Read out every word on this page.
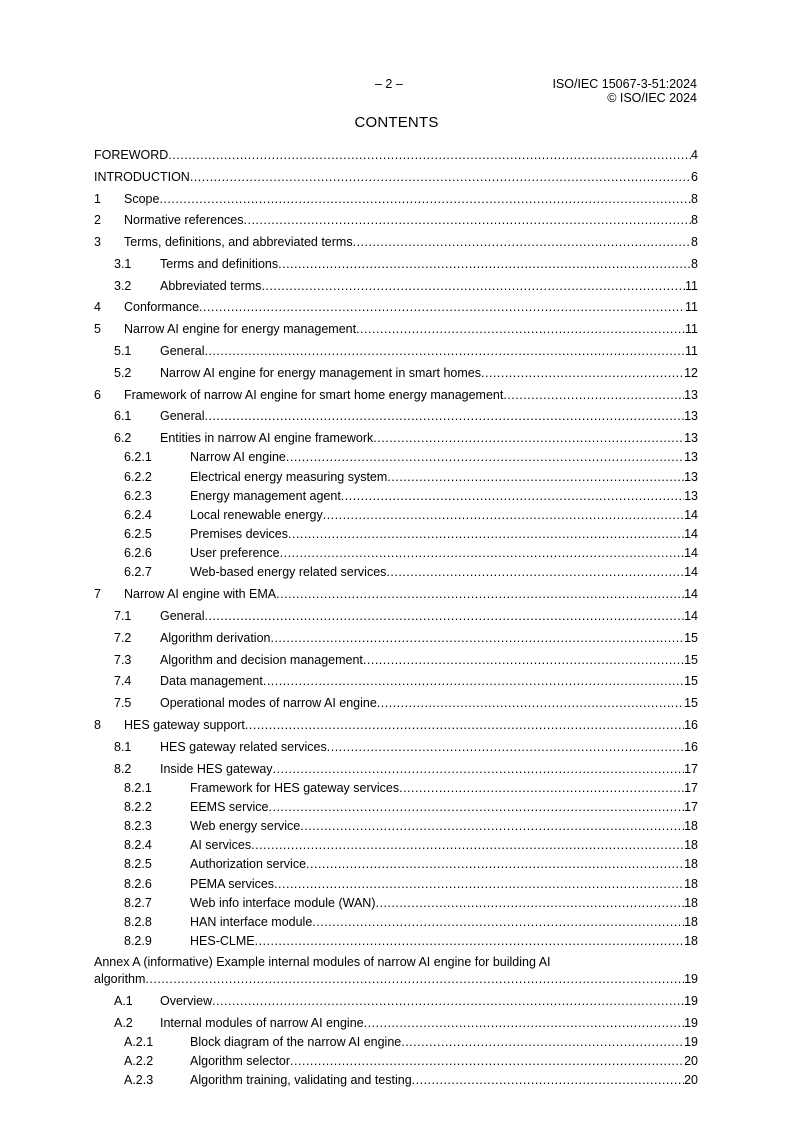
– 2 –	ISO/IEC 15067-3-51:2024
© ISO/IEC 2024
CONTENTS
FOREWORD .....	4
INTRODUCTION .....	6
1	Scope .....	8
2	Normative references .....	8
3	Terms, definitions, and abbreviated terms .....	8
3.1	Terms and definitions .....	8
3.2	Abbreviated terms .....	11
4	Conformance .....	11
5	Narrow AI engine for energy management .....	11
5.1	General .....	11
5.2	Narrow AI engine for energy management in smart homes .....	12
6	Framework of narrow AI engine for smart home energy management .....	13
6.1	General .....	13
6.2	Entities in narrow AI engine framework .....	13
6.2.1	Narrow AI engine .....	13
6.2.2	Electrical energy measuring system .....	13
6.2.3	Energy management agent .....	13
6.2.4	Local renewable energy .....	14
6.2.5	Premises devices .....	14
6.2.6	User preference .....	14
6.2.7	Web-based energy related services .....	14
7	Narrow AI engine with EMA .....	14
7.1	General .....	14
7.2	Algorithm derivation .....	15
7.3	Algorithm and decision management .....	15
7.4	Data management .....	15
7.5	Operational modes of narrow AI engine .....	15
8	HES gateway support .....	16
8.1	HES gateway related services .....	16
8.2	Inside HES gateway .....	17
8.2.1	Framework for HES gateway services .....	17
8.2.2	EEMS service .....	17
8.2.3	Web energy service .....	18
8.2.4	AI services .....	18
8.2.5	Authorization service .....	18
8.2.6	PEMA services .....	18
8.2.7	Web info interface module (WAN) .....	18
8.2.8	HAN interface module .....	18
8.2.9	HES-CLME .....	18
Annex A (informative) Example internal modules of narrow AI engine for building AI
algorithm .....	19
A.1	Overview .....	19
A.2	Internal modules of narrow AI engine .....	19
A.2.1	Block diagram of the narrow AI engine .....	19
A.2.2	Algorithm selector .....	20
A.2.3	Algorithm training, validating and testing .....	20
